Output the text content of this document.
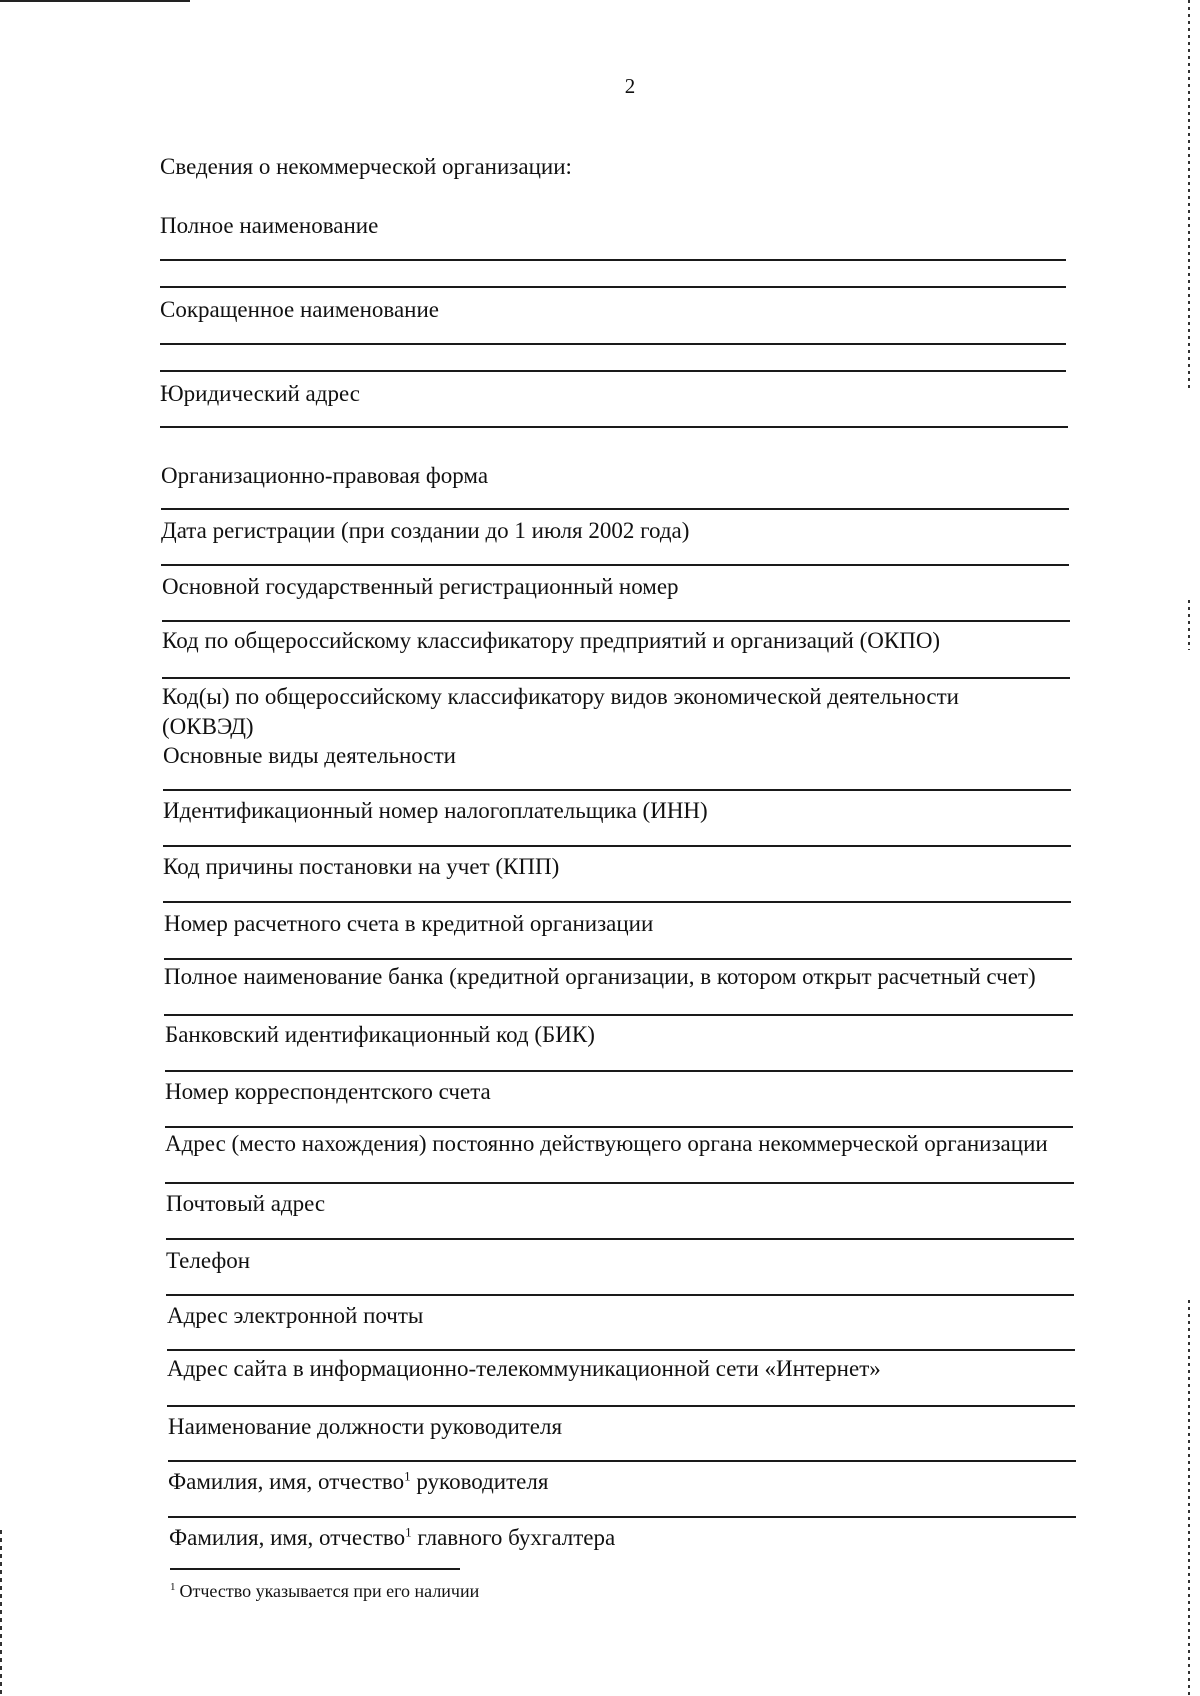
2
Сведения о некоммерческой организации:
Полное наименование
Сокращенное наименование
Юридический адрес
Организационно-правовая форма
Дата регистрации (при создании до 1 июля 2002 года)
Основной государственный регистрационный номер
Код по общероссийскому классификатору предприятий и организаций (ОКПО)
Код(ы) по общероссийскому классификатору видов экономической деятельности
(ОКВЭД)
Основные виды деятельности
Идентификационный номер налогоплательщика (ИНН)
Код причины постановки на учет (КПП)
Номер расчетного счета в кредитной организации
Полное наименование банка (кредитной организации, в котором открыт расчетный счет)
Банковский идентификационный код (БИК)
Номер корреспондентского счета
Адрес (место нахождения) постоянно действующего органа некоммерческой организации
Почтовый адрес
Телефон
Адрес электронной почты
Адрес сайта в информационно-телекоммуникационной сети «Интернет»
Наименование должности руководителя
Фамилия, имя, отчество$^1$ руководителя
Фамилия, имя, отчество$^1$ главного бухгалтера
$^1$ Отчество указывается при его наличии
